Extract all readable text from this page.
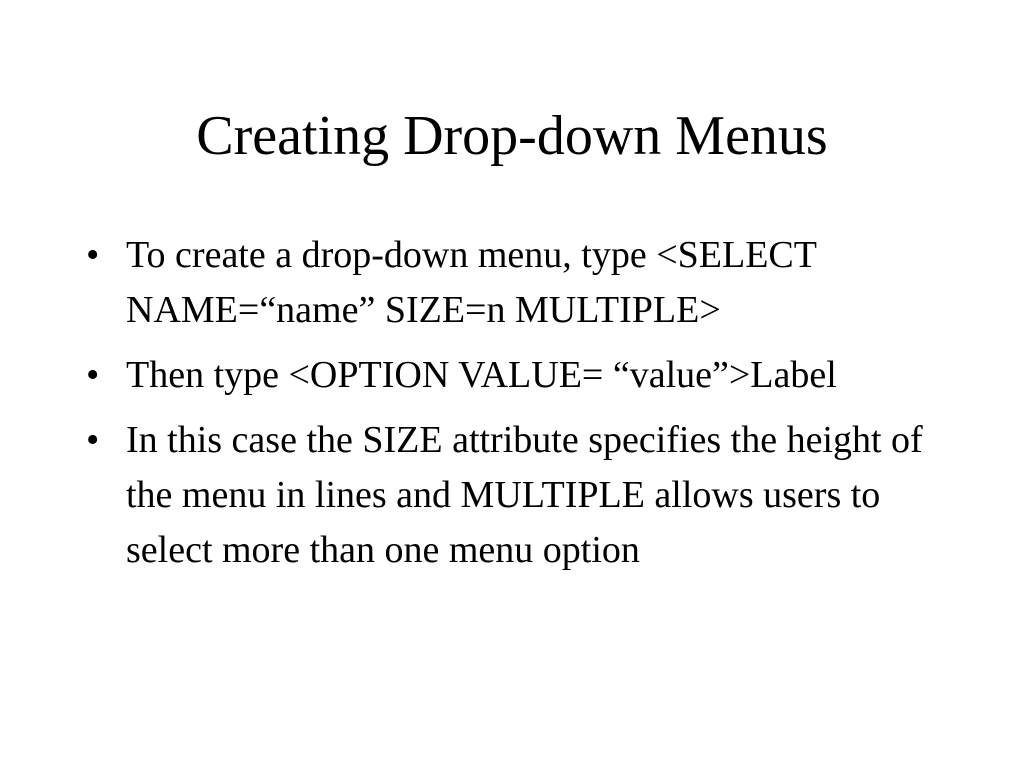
Creating Drop-down Menus
• To create a drop-down menu, type <SELECT NAME=“name” SIZE=n MULTIPLE>
• Then type <OPTION VALUE= “value”>Label
• In this case the SIZE attribute specifies the height of the menu in lines and MULTIPLE allows users to select more than one menu option
